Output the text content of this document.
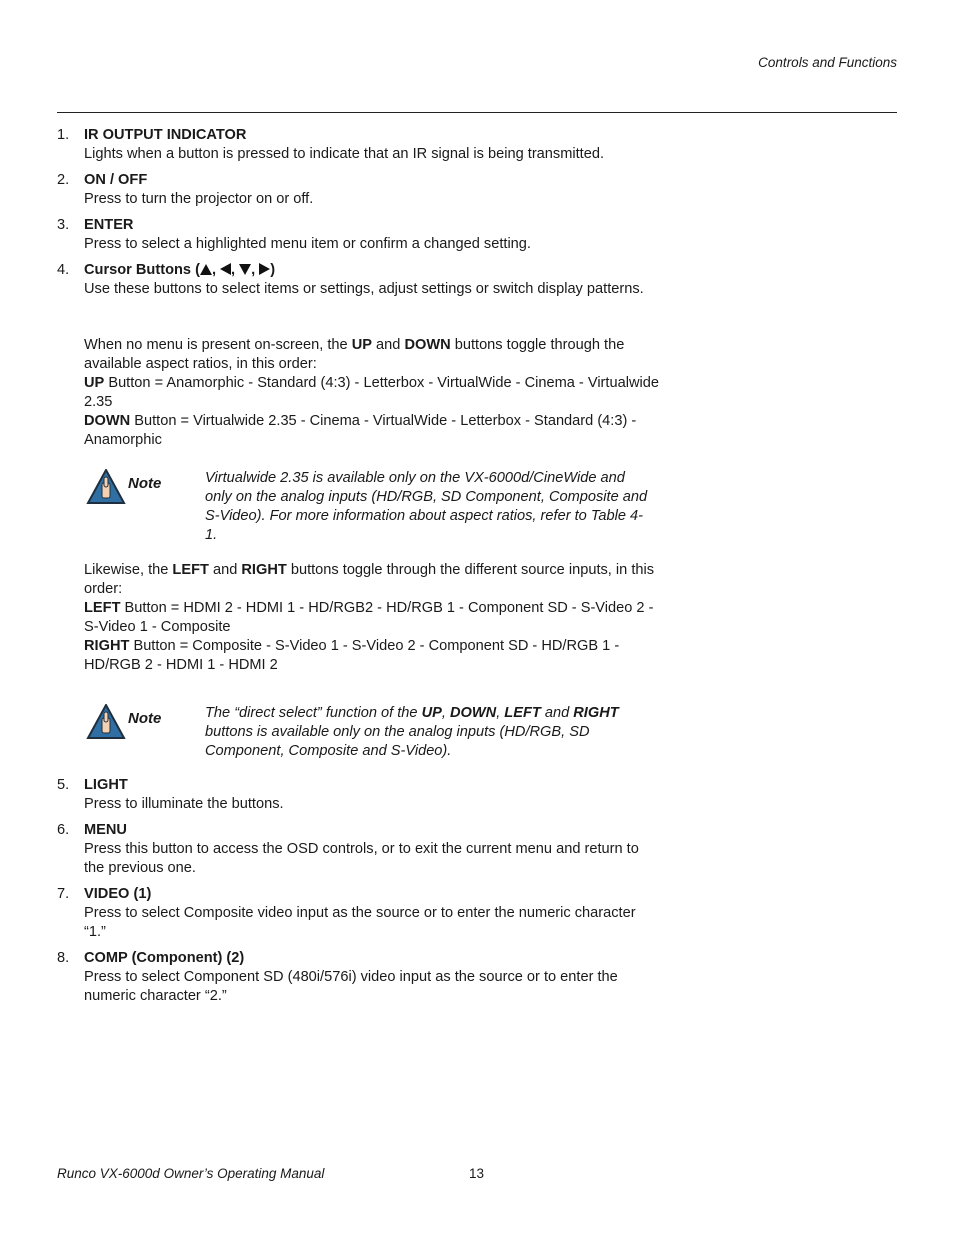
Controls and Functions
1.	IR OUTPUT INDICATOR
Lights when a button is pressed to indicate that an IR signal is being transmitted.
2.	ON / OFF
Press to turn the projector on or off.
3.	ENTER
Press to select a highlighted menu item or confirm a changed setting.
4.	Cursor Buttons ( , , , )
Use these buttons to select items or settings, adjust settings or switch display patterns.
When no menu is present on-screen, the UP and DOWN buttons toggle through the available aspect ratios, in this order:
UP Button = Anamorphic - Standard (4:3) - Letterbox - VirtualWide - Cinema - Virtualwide 2.35
DOWN Button = Virtualwide 2.35 - Cinema - VirtualWide - Letterbox - Standard (4:3) - Anamorphic
Note	Virtualwide 2.35 is available only on the VX-6000d/CineWide and only on the analog inputs (HD/RGB, SD Component, Composite and S-Video). For more information about aspect ratios, refer to Table 4-1.
Likewise, the LEFT and RIGHT buttons toggle through the different source inputs, in this order:
LEFT Button = HDMI 2 - HDMI 1 - HD/RGB2 - HD/RGB 1 - Component SD - S-Video 2 - S-Video 1 - Composite
RIGHT Button = Composite - S-Video 1 - S-Video 2 - Component SD - HD/RGB 1 - HD/RGB 2 - HDMI 1 - HDMI 2
Note	The “direct select” function of the UP, DOWN, LEFT and RIGHT buttons is available only on the analog inputs (HD/RGB, SD Component, Composite and S-Video).
5.	LIGHT
Press to illuminate the buttons.
6.	MENU
Press this button to access the OSD controls, or to exit the current menu and return to the previous one.
7.	VIDEO (1)
Press to select Composite video input as the source or to enter the numeric character “1.”
8.	COMP (Component) (2)
Press to select Component SD (480i/576i) video input as the source or to enter the numeric character “2.”
Runco VX-6000d Owner’s Operating Manual	13
